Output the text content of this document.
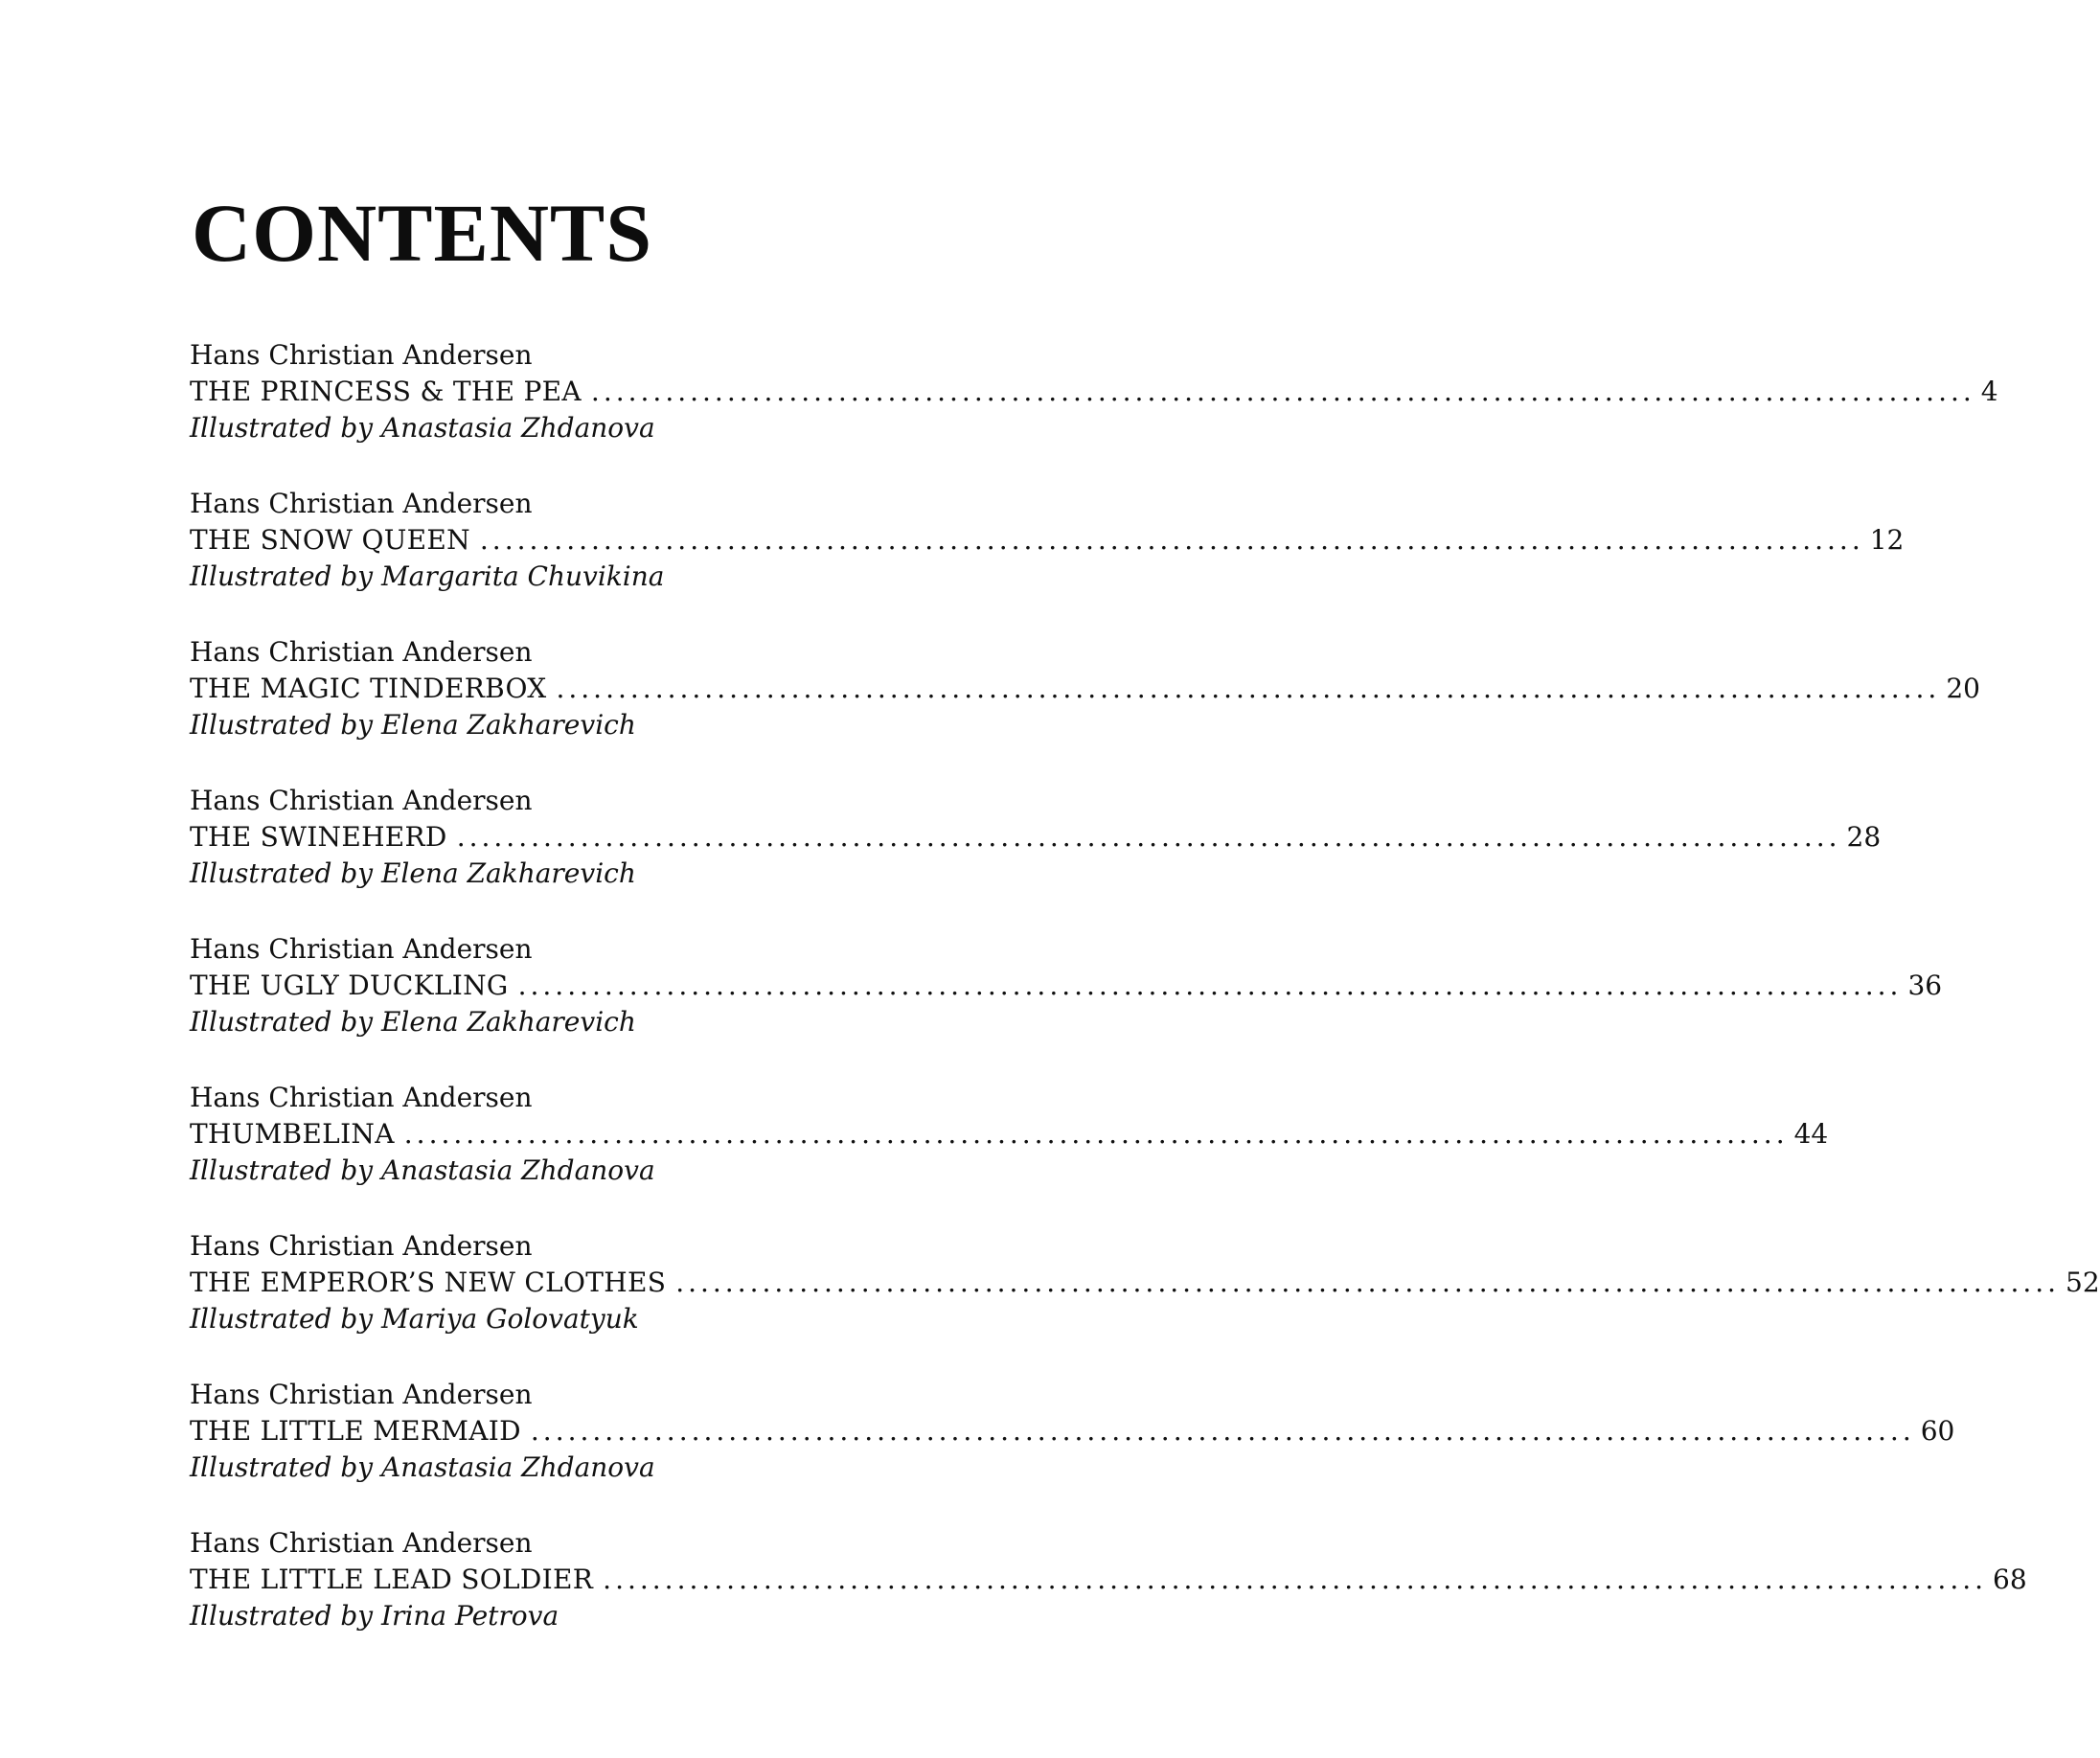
CONTENTS
Hans Christian Andersen
THE PRINCESS & THE PEA ................................................................................................................ 4
Illustrated by Anastasia Zhdanova
Hans Christian Andersen
THE SNOW QUEEN ................................................................................................................ 12
Illustrated by Margarita Chuvikina
Hans Christian Andersen
THE MAGIC TINDERBOX ................................................................................................................ 20
Illustrated by Elena Zakharevich
Hans Christian Andersen
THE SWINEHERD ................................................................................................................ 28
Illustrated by Elena Zakharevich
Hans Christian Andersen
THE UGLY DUCKLING ................................................................................................................ 36
Illustrated by Elena Zakharevich
Hans Christian Andersen
THUMBELINA ................................................................................................................ 44
Illustrated by Anastasia Zhdanova
Hans Christian Andersen
THE EMPEROR’S NEW CLOTHES ................................................................................................................ 52
Illustrated by Mariya Golovatyuk
Hans Christian Andersen
THE LITTLE MERMAID ................................................................................................................ 60
Illustrated by Anastasia Zhdanova
Hans Christian Andersen
THE LITTLE LEAD SOLDIER ................................................................................................................ 68
Illustrated by Irina Petrova
